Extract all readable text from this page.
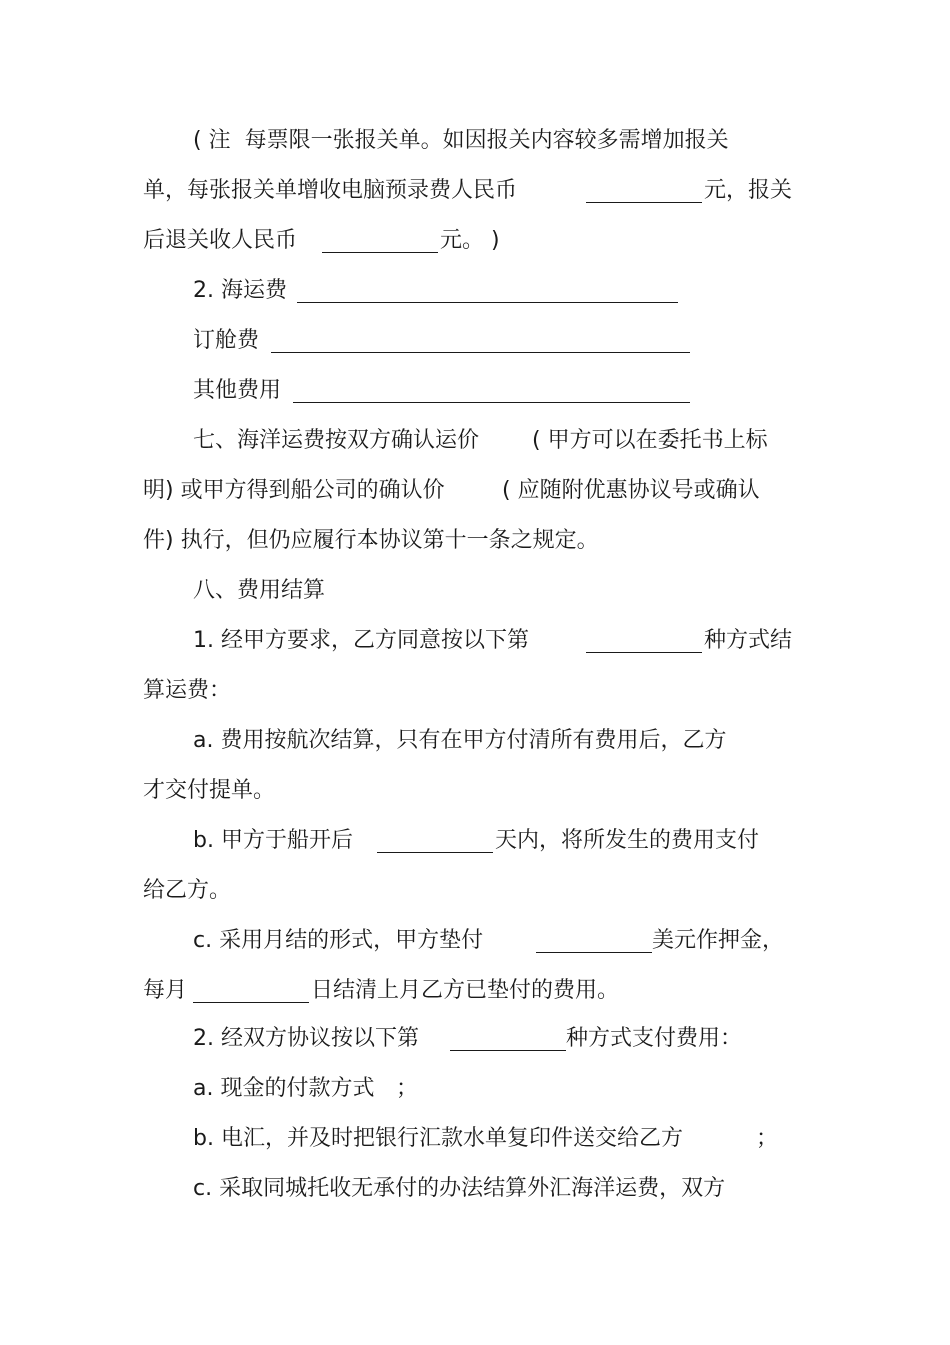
( 注  每票限一张报关单。如因报关内容较多需增加报关
单，每张报关单增收电脑预录费人民币	元，报关
后退关收人民币	元。 )
2. 海运费
订舱费
其他费用
七、海洋运费按双方确认运价 ( 甲方可以在委托书上标
明) 或甲方得到船公司的确认价	( 应随附优惠协议号或确认
件) 执行，但仍应履行本协议第十一条之规定。
八、费用结算
1. 经甲方要求，乙方同意按以下第	种方式结
算运费：
a. 费用按航次结算，只有在甲方付清所有费用后，乙方
才交付提单。
b. 甲方于船开后	天内，将所发生的费用支付
给乙方。
c. 采用月结的形式，甲方垫付	美元作押金，
每月	日结清上月乙方已垫付的费用。
2. 经双方协议按以下第	种方式支付费用：
a. 现金的付款方式 ；
b. 电汇，并及时把银行汇款水单复印件送交给乙方	；
c. 采取同城托收无承付的办法结算外汇海洋运费，双方
